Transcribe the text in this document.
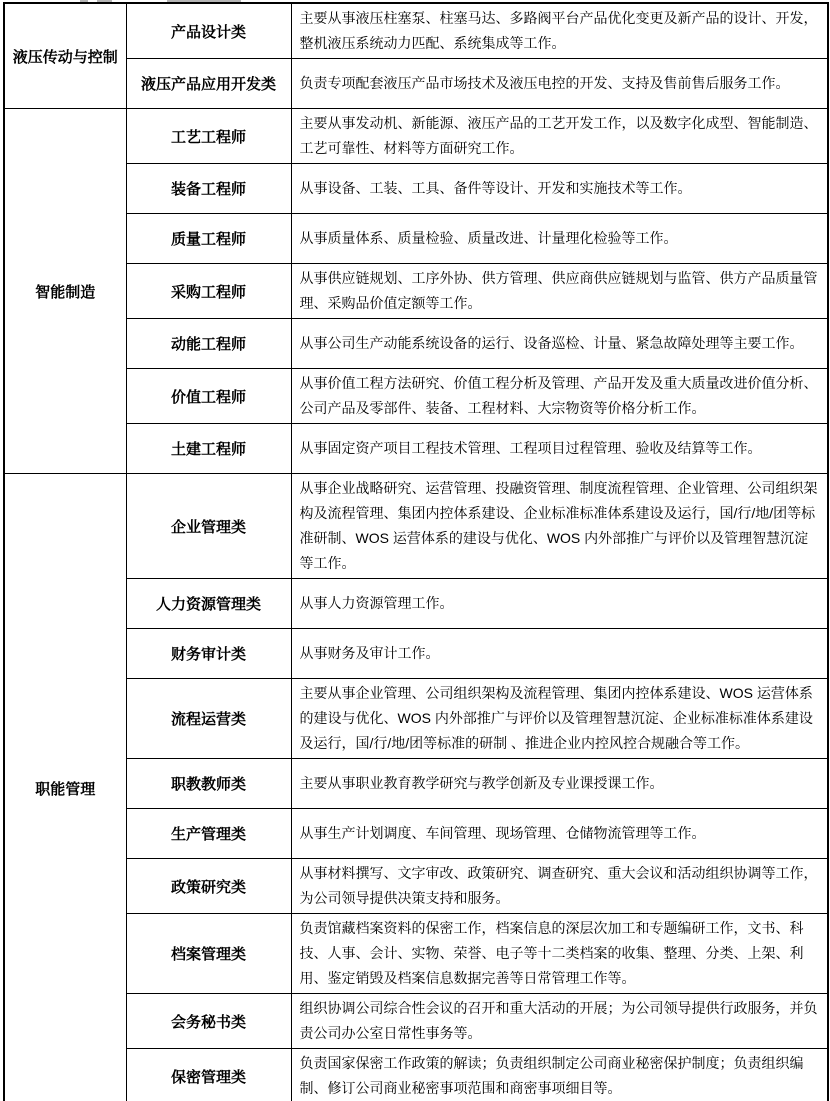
液压传动与控制	产品设计类	主要从事液压柱塞泵、柱塞马达、多路阀平台产品优化变更及新产品的设计、开发，整机液压系统动力匹配、系统集成等工作。
	液压产品应用开发类	负责专项配套液压产品市场技术及液压电控的开发、支持及售前售后服务工作。
智能制造	工艺工程师	主要从事发动机、新能源、液压产品的工艺开发工作，以及数字化成型、智能制造、工艺可靠性、材料等方面研究工作。
	装备工程师	从事设备、工装、工具、备件等设计、开发和实施技术等工作。
	质量工程师	从事质量体系、质量检验、质量改进、计量理化检验等工作。
	采购工程师	从事供应链规划、工序外协、供方管理、供应商供应链规划与监管、供方产品质量管理、采购品价值定额等工作。
	动能工程师	从事公司生产动能系统设备的运行、设备巡检、计量、紧急故障处理等主要工作。
	价值工程师	从事价值工程方法研究、价值工程分析及管理、产品开发及重大质量改进价值分析、公司产品及零部件、装备、工程材料、大宗物资等价格分析工作。
	土建工程师	从事固定资产项目工程技术管理、工程项目过程管理、验收及结算等工作。
职能管理	企业管理类	从事企业战略研究、运营管理、投融资管理、制度流程管理、企业管理、公司组织架构及流程管理、集团内控体系建设、企业标准标准体系建设及运行，国/行/地/团等标准研制、WOS 运营体系的建设与优化、WOS 内外部推广与评价以及管理智慧沉淀等工作。
	人力资源管理类	从事人力资源管理工作。
	财务审计类	从事财务及审计工作。
	流程运营类	主要从事企业管理、公司组织架构及流程管理、集团内控体系建设、WOS 运营体系的建设与优化、WOS 内外部推广与评价以及管理智慧沉淀、企业标准标准体系建设及运行，国/行/地/团等标准的研制 、推进企业内控风控合规融合等工作。
	职教教师类	主要从事职业教育教学研究与教学创新及专业课授课工作。
	生产管理类	从事生产计划调度、车间管理、现场管理、仓储物流管理等工作。
	政策研究类	从事材料撰写、文字审改、政策研究、调查研究、重大会议和活动组织协调等工作，为公司领导提供决策支持和服务。
	档案管理类	负责馆藏档案资料的保密工作，档案信息的深层次加工和专题编研工作，文书、科技、人事、会计、实物、荣誉、电子等十二类档案的收集、整理、分类、上架、利用、鉴定销毁及档案信息数据完善等日常管理工作等。
	会务秘书类	组织协调公司综合性会议的召开和重大活动的开展；为公司领导提供行政服务，并负责公司办公室日常性事务等。
	保密管理类	负责国家保密工作政策的解读；负责组织制定公司商业秘密保护制度；负责组织编制、修订公司商业秘密事项范围和商密事项细目等。
